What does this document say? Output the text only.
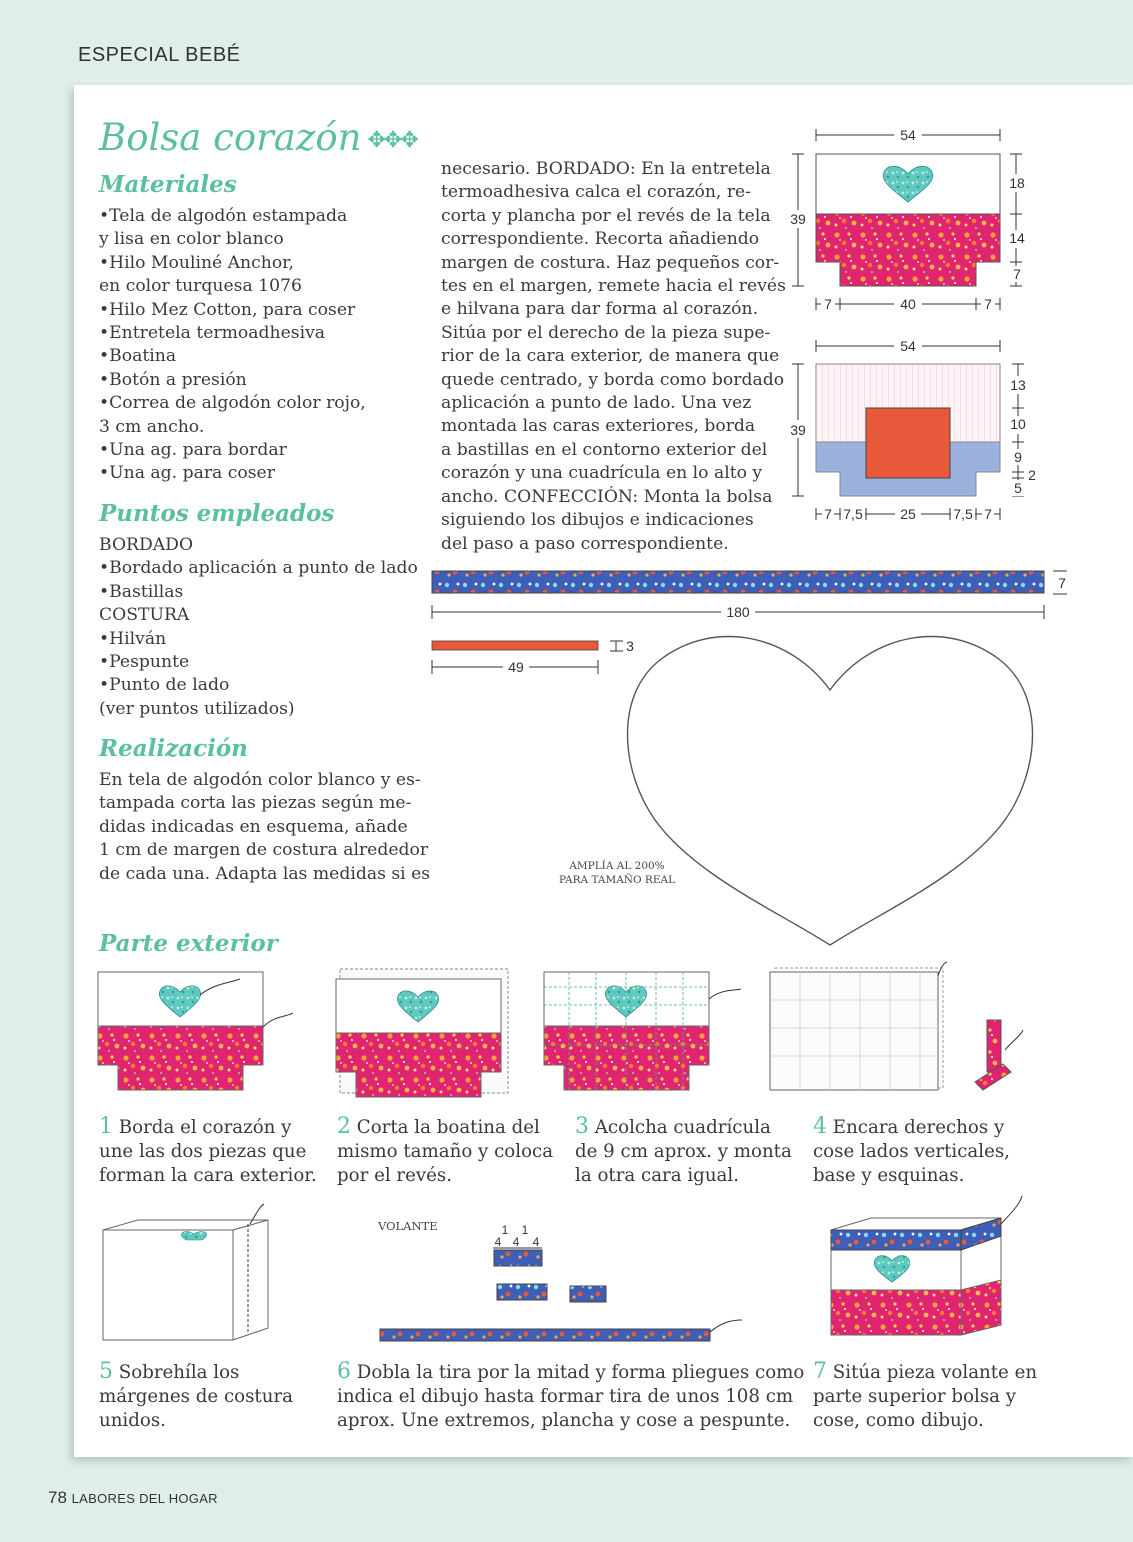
ESPECIAL BEBÉ
Bolsa corazón ✥✥✥
Materiales
•Tela de algodón estampada
y lisa en color blanco
•Hilo Mouliné Anchor,
en color turquesa 1076
•Hilo Mez Cotton, para coser
•Entretela termoadhesiva
•Boatina
•Botón a presión
•Correa de algodón color rojo,
3 cm ancho.
•Una ag. para bordar
•Una ag. para coser
Puntos empleados
BORDADO
•Bordado aplicación a punto de lado
•Bastillas
COSTURA
•Hilván
•Pespunte
•Punto de lado
(ver puntos utilizados)
Realización
En tela de algodón color blanco y es-
tampada corta las piezas según me-
didas indicadas en esquema, añade
1 cm de margen de costura alrededor
de cada una. Adapta las medidas si es
necesario. BORDADO: En la entretela
termoadhesiva calca el corazón, re-
corta y plancha por el revés de la tela
correspondiente. Recorta añadiendo
margen de costura. Haz pequeños cor-
tes en el margen, remete hacia el revés
e hilvana para dar forma al corazón.
Sitúa por el derecho de la pieza supe-
rior de la cara exterior, de manera que
quede centrado, y borda como bordado
aplicación a punto de lado. Una vez
montada las caras exteriores, borda
a bastillas en el contorno exterior del
corazón y una cuadrícula en lo alto y
ancho. CONFECCIÓN: Monta la bolsa
siguiendo los dibujos e indicaciones
del paso a paso correspondiente.
54
39
18
14
7
7	40	7
54
39
13
10
9
5
2
7 7,5	25	7,5 7
7
180
3
49
AMPLÍA AL 200%
PARA TAMAÑO REAL
Parte exterior
1 Borda el corazón y
une las dos piezas que
forman la cara exterior.
2 Corta la boatina del
mismo tamaño y coloca
por el revés.
3 Acolcha cuadrícula
de 9 cm aprox. y monta
la otra cara igual.
4 Encara derechos y
cose lados verticales,
base y esquinas.
VOLANTE	1 1
4 4 4
5 Sobrehíla los
márgenes de costura
unidos.
6 Dobla la tira por la mitad y forma pliegues como
indica el dibujo hasta formar tira de unos 108 cm
aprox. Une extremos, plancha y cose a pespunte.
7 Sitúa pieza volante en
parte superior bolsa y
cose, como dibujo.
78 LABORES DEL HOGAR
